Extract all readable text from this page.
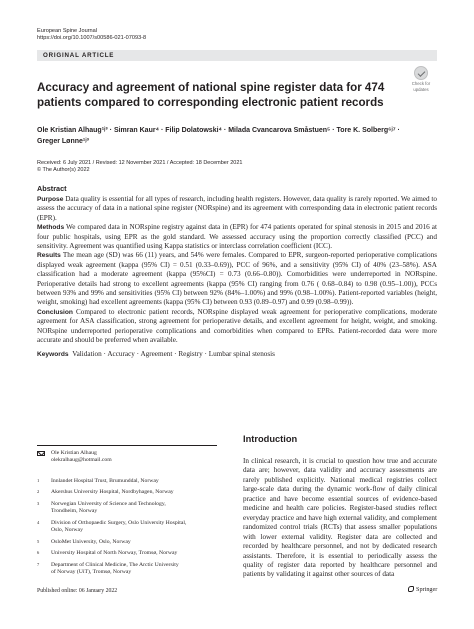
European Spine Journal
https://doi.org/10.1007/s00586-021-07093-8
ORIGINAL ARTICLE
Check for
updates
Accuracy and agreement of national spine register data for 474 patients compared to corresponding electronic patient records
Ole Kristian Alhaug¹ʲ³ · Simran Kaur⁴ · Filip Dolatowski⁴ · Milada Cvancarova Småstuen⁵ · Tore K. Solberg⁶ʲ⁷ ·
Greger Lønne¹ʲ³
Received: 6 July 2021 / Revised: 12 November 2021 / Accepted: 18 December 2021
© The Author(s) 2022
Abstract

Purpose Data quality is essential for all types of research, including health registers. However, data quality is rarely reported. We aimed to assess the accuracy of data in a national spine register (NORspine) and its agreement with corresponding data in electronic patient records (EPR).

Methods We compared data in NORspine registry against data in (EPR) for 474 patients operated for spinal stenosis in 2015 and 2016 at four public hospitals, using EPR as the gold standard. We assessed accuracy using the proportion correctly classified (PCC) and sensitivity. Agreement was quantified using Kappa statistics or interclass correlation coefficient (ICC).

Results The mean age (SD) was 66 (11) years, and 54% were females. Compared to EPR, surgeon-reported perioperative complications displayed weak agreement (kappa (95% CI) = 0.51 (0.33–0.69)), PCC of 96%, and a sensitivity (95% CI) of 40% (23–58%). ASA classification had a moderate agreement (kappa (95%CI) = 0.73 (0.66–0.80)). Comorbidities were underreported in NORspine. Perioperative details had strong to excellent agreements (kappa (95% CI) ranging from 0.76 ( 0.68–0.84) to 0.98 (0.95–1.00)), PCCs between 93% and 99% and sensitivities (95% CI) between 92% (84%–1.00%) and 99% (0.98–1.00%). Patient-reported variables (height, weight, smoking) had excellent agreements (kappa (95% CI) between 0.93 (0.89–0.97) and 0.99 (0.98–0.99)).

Conclusion Compared to electronic patient records, NORspine displayed weak agreement for perioperative complications, moderate agreement for ASA classification, strong agreement for perioperative details, and excellent agreement for height, weight, and smoking. NORspine underreported perioperative complications and comorbidities when compared to EPRs. Patient-recorded data were more accurate and should be preferred when available.

Keywords Validation · Accuracy · Agreement · Registry · Lumbar spinal stenosis
Ole Kristian Alhaug
olekralhaug@hotmail.com
1 Innlandet Hospital Trust, Brumunddal, Norway
2 Akershus University Hospital, Nordbyhagen, Norway
3 Norwegian University of Science and Technology,
Trondheim, Norway
4 Division of Orthopaedic Surgery, Oslo University Hospital,
Oslo, Norway
5 OsloMet University, Oslo, Norway
6 University Hospital of North Norway, Tromsø, Norway
7 Department of Clinical Medicine, The Arctic University
of Norway (UiT), Tromsø, Norway
Introduction
In clinical research, it is crucial to question how true and accurate data are; however, data validity and accuracy assessments are rarely published explicitly. National medical registries collect large-scale data during the dynamic work-flow of daily clinical practice and have become essential sources of evidence-based medicine and health care policies. Register-based studies reflect everyday practice and have high external validity, and complement randomized control trials (RCTs) that assess smaller populations with lower external validity. Register data are collected and recorded by healthcare personnel, and not by dedicated research assistants. Therefore, it is essential to periodically assess the quality of register data reported by healthcare personnel and patients by validating it against other sources of data
Published online: 06 January 2022	Springer
